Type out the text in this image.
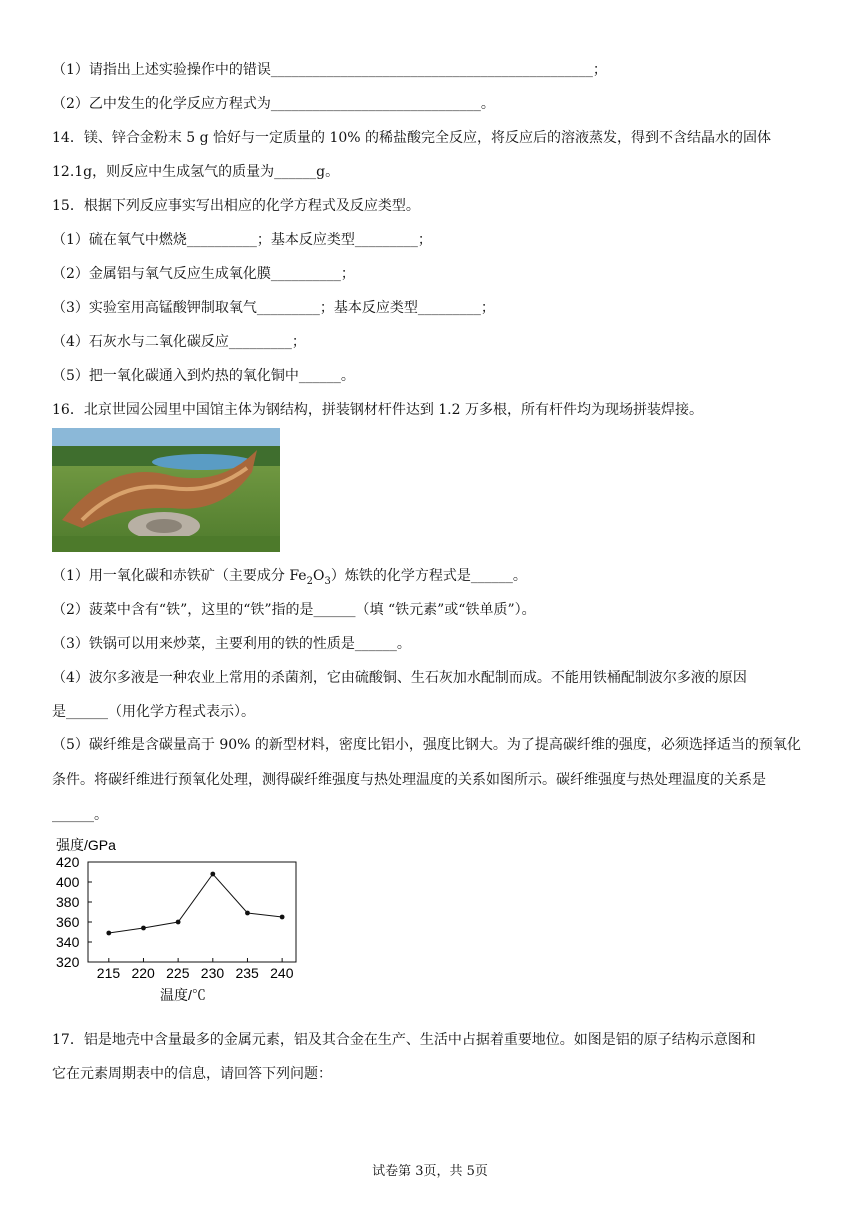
（1）请指出上述实验操作中的错误______________________________________________；
（2）乙中发生的化学反应方程式为______________________________。
14．镁、锌合金粉末 5 g 恰好与一定质量的 10% 的稀盐酸完全反应，将反应后的溶液蒸发，得到不含结晶水的固体
12.1g，则反应中生成氢气的质量为______g。
15．根据下列反应事实写出相应的化学方程式及反应类型。
（1）硫在氧气中燃烧__________；基本反应类型_________；
（2）金属铝与氧气反应生成氧化膜__________；
（3）实验室用高锰酸钾制取氧气_________；基本反应类型_________；
（4）石灰水与二氧化碳反应_________；
（5）把一氧化碳通入到灼热的氧化铜中______。
16．北京世园公园里中国馆主体为钢结构，拼装钢材杆件达到 1.2 万多根，所有杆件均为现场拼装焊接。
（1）用一氧化碳和赤铁矿（主要成分 $Fe_2O_3$）炼铁的化学方程式是______。
（2）菠菜中含有“铁”，这里的“铁”指的是______（填 “铁元素”或“铁单质”）。
（3）铁锅可以用来炒菜，主要利用的铁的性质是______。
（4）波尔多液是一种农业上常用的杀菌剂，它由硫酸铜、生石灰加水配制而成。不能用铁桶配制波尔多液的原因
是______（用化学方程式表示）。
（5）碳纤维是含碳量高于 90% 的新型材料，密度比铝小，强度比钢大。为了提高碳纤维的强度，必须选择适当的预氧化条件。将碳纤维进行预氧化处理，测得碳纤维强度与热处理温度的关系如图所示。碳纤维强度与热处理温度的关系是______。
强度/GPa
420
400
380
360
340
320
215 220 225 230 235 240
温度/℃
17．铝是地壳中含量最多的金属元素，铝及其合金在生产、生活中占据着重要地位。如图是铝的原子结构示意图和
它在元素周期表中的信息，请回答下列问题：
试卷第 3页，共 5页
